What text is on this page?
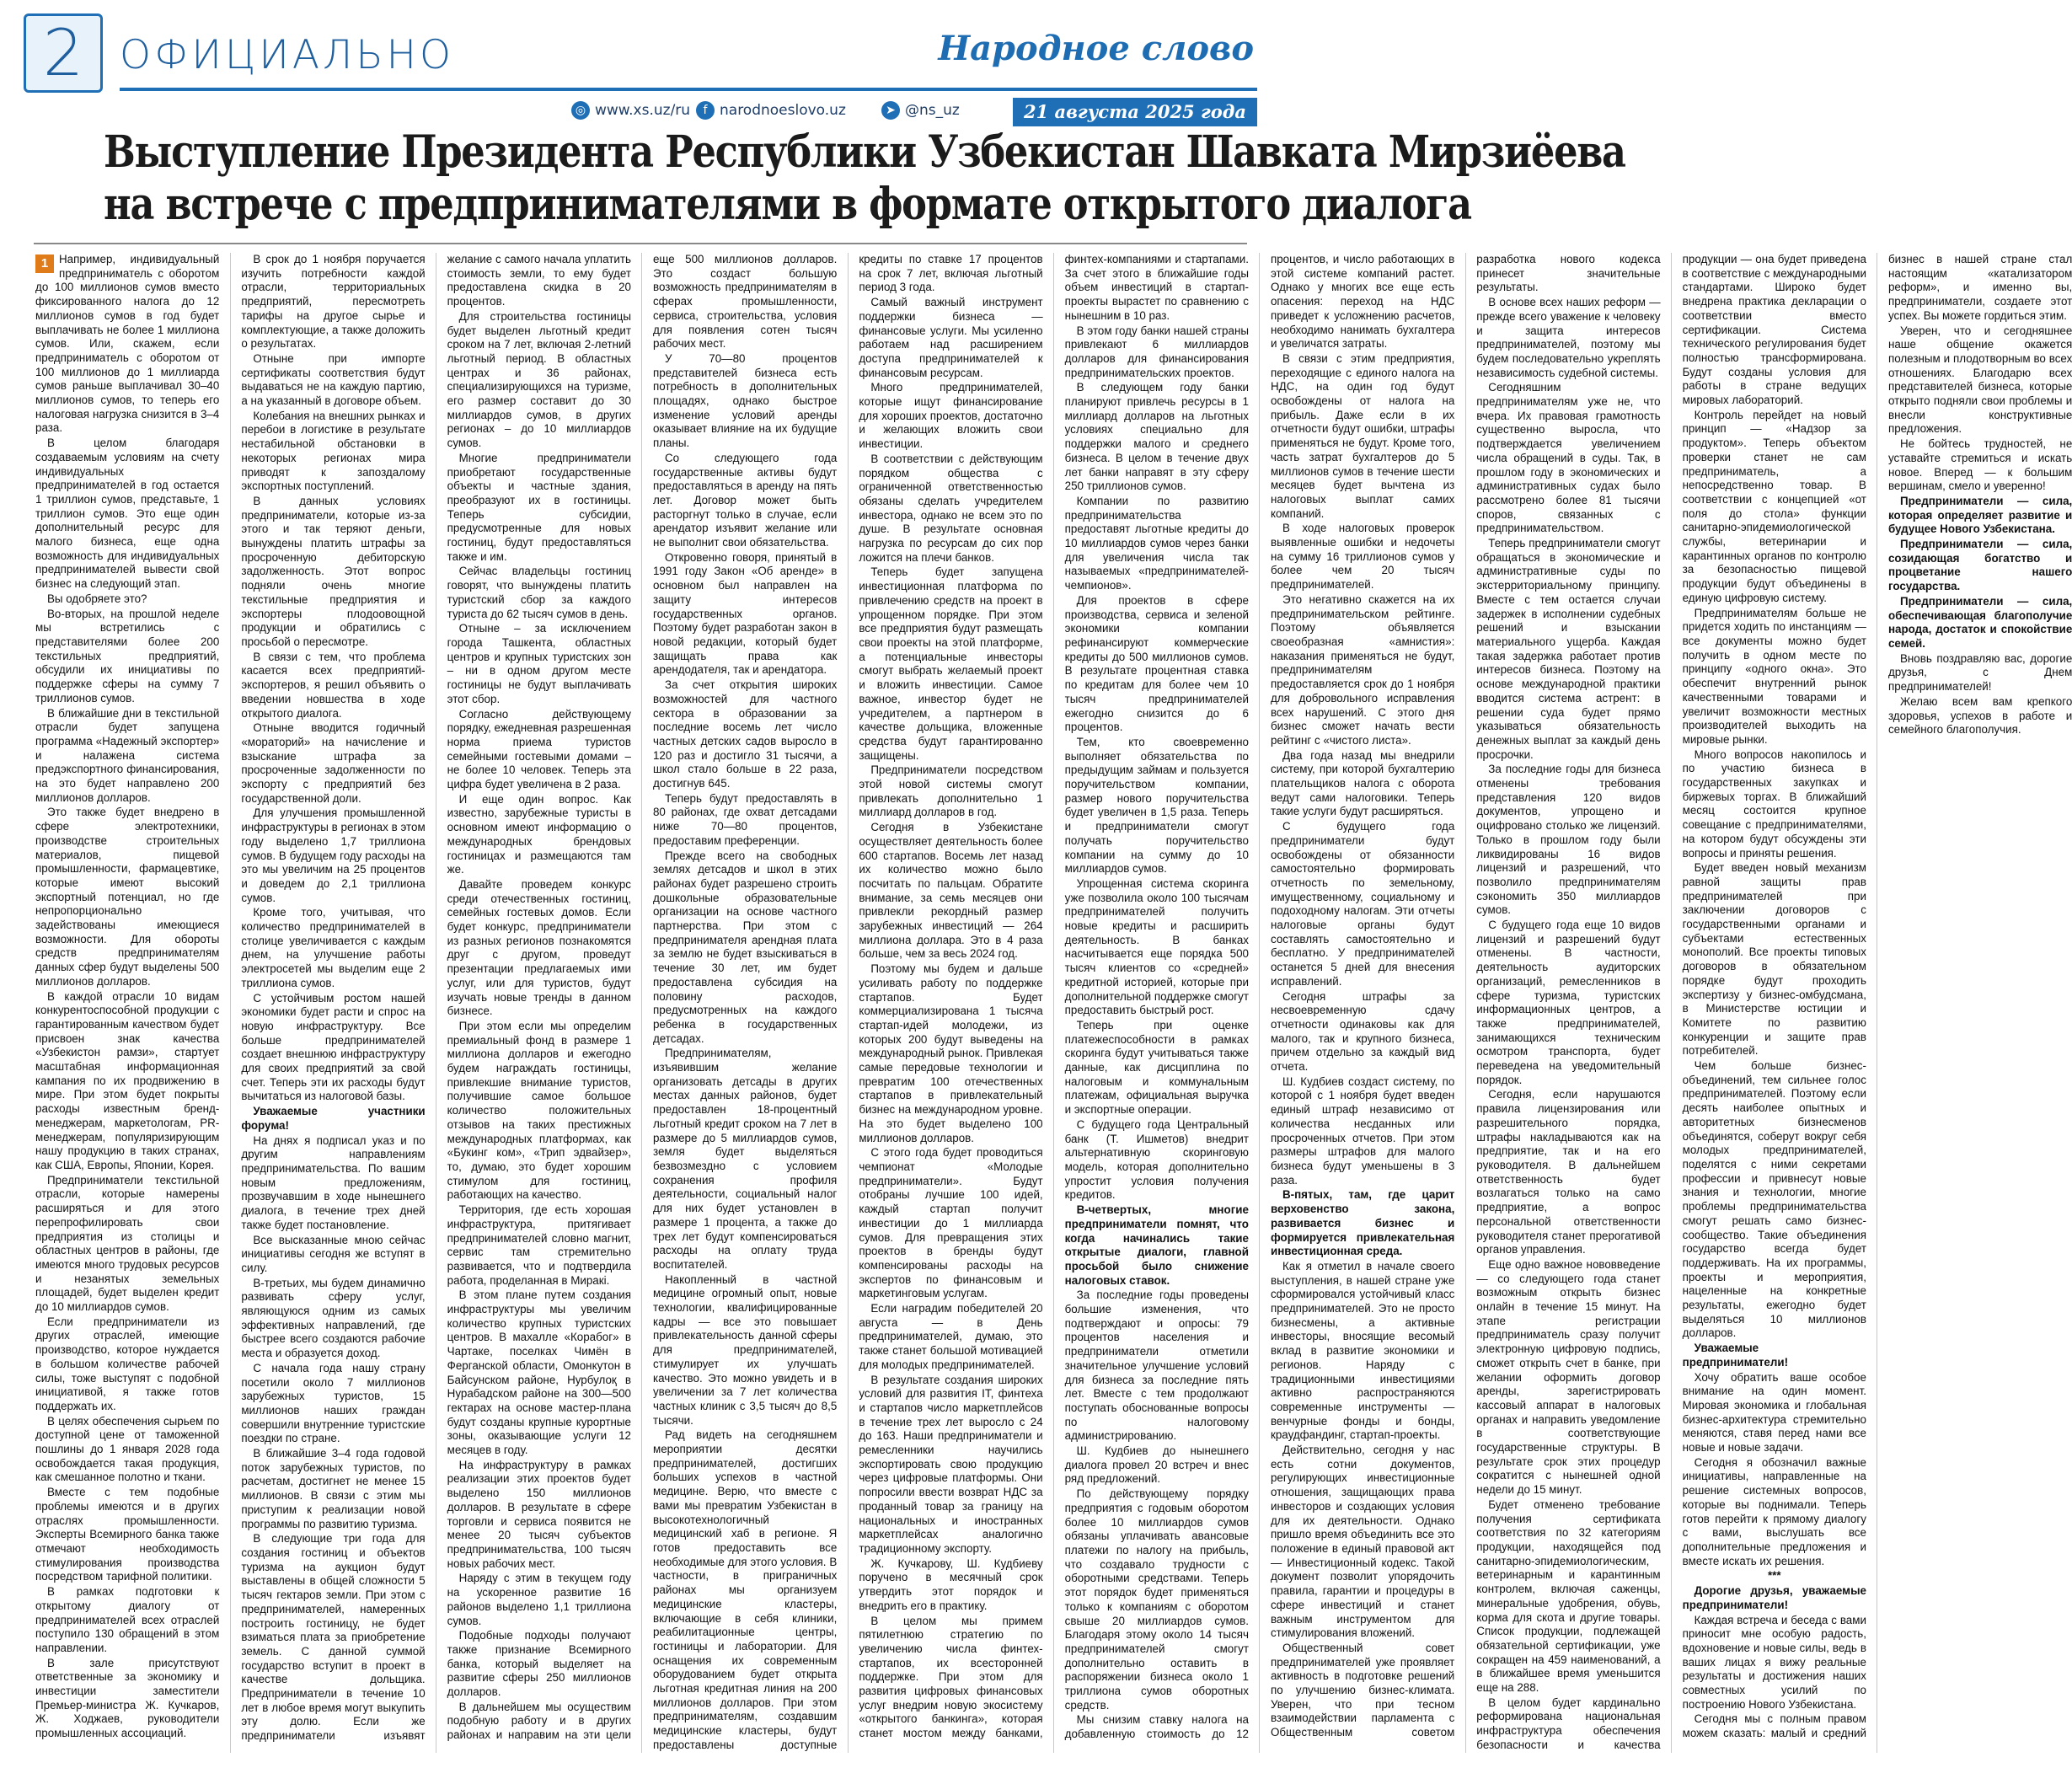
2 ОФИЦИАЛЬНО	Народное слово
◎ www.xs.uz/ru	f narodnoeslovo.uz	➤ @ns_uz	21 августа 2025 года
Выступление Президента Республики Узбекистан Шавката Мирзиёева
на встрече с предпринимателями в формате открытого диалога

1 Например, индивидуальный предприниматель с оборотом до 100 миллионов сумов вместо фиксированного налога до 12 миллионов сумов в год будет выплачивать не более 1 миллиона сумов. Или, скажем, если предприниматель с оборотом от 100 миллионов до 1 миллиарда сумов раньше выплачивал 30–40 миллионов сумов, то теперь его налоговая нагрузка снизится в 3–4 раза.

В целом благодаря создаваемым условиям на счету индивидуальных предпринимателей в год остается 1 триллион сумов, представьте, 1 триллион сумов. Это еще один дополнительный ресурс для малого бизнеса, еще одна возможность для индивидуальных предпринимателей вывести свой бизнес на следующий этап.

Вы одобряете это?

Во-вторых, на прошлой неделе мы встретились с представителями более 200 текстильных предприятий, обсудили их инициативы по поддержке сферы на сумму 7 триллионов сумов.

В ближайшие дни в текстильной отрасли будет запущена программа «Надежный экспортер» и налажена система предэкспортного финансирования, на это будет направлено 200 миллионов долларов.

Это также будет внедрено в сфере электротехники, производстве строительных материалов, пищевой промышленности, фармацевтике, которые имеют высокий экспортный потенциал, но где непропорционально задействованы имеющиеся возможности. Для обороты средств предпринимателям данных сфер будут выделены 500 миллионов долларов.

В каждой отрасли 10 видам конкурентоспособной продукции с гарантированным качеством будет присвоен знак качества «Узбекистон рамзи», стартует масштабная информационная кампания по их продвижению в мире. При этом будет покрыты расходы известным бренд-менеджерам, маркетологам, PR-менеджерам, популяризирующим нашу продукцию в таких странах, как США, Европы, Японии, Корея.

Предприниматели текстильной отрасли, которые намерены расширяться и для этого перепрофилировать свои предприятия из столицы и областных центров в районы, где имеются много трудовых ресурсов и незанятых земельных площадей, будет выделен кредит до 10 миллиардов сумов.

Если предприниматели из других отраслей, имеющие производство, которое нуждается в большом количестве рабочей силы, тоже выступят с подобной инициативой, я также готов поддержать их.

В целях обеспечения сырьем по доступной цене от таможенной пошлины до 1 января 2028 года освобождается такая продукция, как смешанное полотно и ткани.

Вместе с тем подобные проблемы имеются и в других отраслях промышленности. Эксперты Всемирного банка также отмечают необходимость стимулирования производства посредством тарифной политики.

В рамках подготовки к открытому диалогу от предпринимателей всех отраслей поступило 130 обращений в этом направлении.

В зале присутствуют ответственные за экономику и инвестиции заместители Премьер-министра Ж. Кучкаров, Ж. Ходжаев, руководители промышленных ассоциаций.

В срок до 1 ноября поручается изучить потребности каждой отрасли, территориальных предприятий, пересмотреть тарифы на другое сырье и комплектующие, а также доложить о результатах.

Отныне при импорте сертификаты соответствия будут выдаваться не на каждую партию, а на указанный в договоре объем.

Колебания на внешних рынках и перебои в логистике в результате нестабильной обстановки в некоторых регионах мира приводят к запоздалому экспортных поступлений.

В данных условиях предприниматели, которые из-за этого и так теряют деньги, вынуждены платить штрафы за просроченную дебиторскую задолженность. Этот вопрос подняли очень многие текстильные предприятия и экспортеры плодоовощной продукции и обратились с просьбой о пересмотре.

В связи с тем, что проблема касается всех предприятий-экспортеров, я решил объявить о введении новшества в ходе открытого диалога.

Отныне вводится годичный «мораторий» на начисление и взыскание штрафа за просроченные задолженности по экспорту с предприятий без государственной доли.

Для улучшения промышленной инфраструктуры в регионах в этом году выделено 1,7 триллиона сумов. В будущем году расходы на это мы увеличим на 25 процентов и доведем до 2,1 триллиона сумов.

Кроме того, учитывая, что количество предпринимателей в столице увеличивается с каждым днем, на улучшение работы электросетей мы выделим еще 2 триллиона сумов.

С устойчивым ростом нашей экономики будет расти и спрос на новую инфраструктуру. Все больше предпринимателей создает внешнюю инфраструктуру для своих предприятий за свой счет. Теперь эти их расходы будут вычитаться из налоговой базы.

Уважаемые участники форума!

На днях я подписал указ и по другим направлениям предпринимательства. По вашим новым предложениям, прозвучавшим в ходе нынешнего диалога, в течение трех дней также будет постановление.

Все высказанные мною сейчас инициативы сегодня же вступят в силу.

В-третьих, мы будем динамично развивать сферу услуг, являющуюся одним из самых эффективных направлений, где быстрее всего создаются рабочие места и образуется доход.

С начала года нашу страну посетили около 7 миллионов зарубежных туристов, 15 миллионов наших граждан совершили внутренние туристские поездки по стране.

В ближайшие 3–4 года годовой поток зарубежных туристов, по расчетам, достигнет не менее 15 миллионов. В связи с этим мы приступим к реализации новой программы по развитию туризма.

В следующие три года для создания гостиниц и объектов туризма на аукцион будут выставлены в общей сложности 5 тысяч гектаров земли. При этом с предпринимателей, намеренных построить гостиницу, не будет взиматься плата за приобретение земель. С данной суммой государство вступит в проект в качестве дольщика. Предприниматели в течение 10 лет в любое время могут выкупить эту долю. Если же предприниматели изъявят желание с самого начала уплатить стоимость земли, то ему будет предоставлена скидка в 20 процентов.

Для строительства гостиницы будет выделен льготный кредит сроком на 7 лет, включая 2-летний льготный период. В областных центрах и 36 районах, специализирующихся на туризме, его размер составит до 30 миллиардов сумов, в других регионах – до 10 миллиардов сумов.

Многие предприниматели приобретают государственные объекты и частные здания, преобразуют их в гостиницы. Теперь субсидии, предусмотренные для новых гостиниц, будут предоставляться также и им.

Сейчас владельцы гостиниц говорят, что вынуждены платить туристский сбор за каждого туриста до 62 тысяч сумов в день.

Отныне – за исключением города Ташкента, областных центров и крупных туристских зон – ни в одном другом месте гостиницы не будут выплачивать этот сбор.

Согласно действующему порядку, ежедневная разрешенная норма приема туристов семейными гостевыми домами – не более 10 человек. Теперь эта цифра будет увеличена в 2 раза.

И еще один вопрос. Как известно, зарубежные туристы в основном имеют информацию о международных брендовых гостиницах и размещаются там же.

Давайте проведем конкурс среди отечественных гостиниц, семейных гостевых домов. Если будет конкурс, предприниматели из разных регионов познакомятся друг с другом, проведут презентации предлагаемых ими услуг, или для туристов, будут изучать новые тренды в данном бизнесе.

При этом если мы определим премиальный фонд в размере 1 миллиона долларов и ежегодно будем награждать гостиницы, привлекшие внимание туристов, получившие самое большое количество положительных отзывов на таких престижных международных платформах, как «Букинг ком», «Трип эдвайзер», то, думаю, это будет хорошим стимулом для гостиниц, работающих на качество.

Территория, где есть хорошая инфраструктура, притягивает предпринимателей словно магнит, сервис там стремительно развивается, что и подтвердила работа, проделанная в Миракі.

В этом плане путем создания инфраструктуры мы увеличим количество крупных туристских центров. В махалле «Корабог» в Чартаке, поселках Чимён в Ферганской области, Омонкутон в Байсунском районе, Нурбулоқ в Нурабадском районе на 300—500 гектарах на основе мастер-плана будут созданы крупные курортные зоны, оказывающие услуги 12 месяцев в году.

На инфраструктуру в рамках реализации этих проектов будет выделено 150 миллионов долларов. В результате в сфере торговли и сервиса появится не менее 20 тысяч субъектов предпринимательства, 100 тысяч новых рабочих мест.

Наряду с этим в текущем году на ускоренное развитие 16 районов выделено 1,1 триллиона сумов.

Подобные подходы получают также признание Всемирного банка, который выделяет на развитие сферы 250 миллионов долларов.

В дальнейшем мы осуществим подобную работу и в других районах и направим на эти цели еще 500 миллионов долларов. Это создаст большую возможность предпринимателям в сферах промышленности, сервиса, строительства, условия для появления сотен тысяч рабочих мест.

У 70—80 процентов представителей бизнеса есть потребность в дополнительных площадях, однако быстрое изменение условий аренды оказывает влияние на их будущие планы.

Со следующего года государственные активы будут предоставляться в аренду на пять лет. Договор может быть расторгнут только в случае, если арендатор изъявит желание или не выполнит свои обязательства.

Откровенно говоря, принятый в 1991 году Закон «Об аренде» в основном был направлен на защиту интересов государственных органов. Поэтому будет разработан закон в новой редакции, который будет защищать права как арендодателя, так и арендатора.

За счет открытия широких возможностей для частного сектора в образовании за последние восемь лет число частных детских садов выросло в 120 раз и достигло 31 тысячи, а школ стало больше в 22 раза, достигнув 645.

Теперь будут предоставлять в 80 районах, где охват детсадами ниже 70—80 процентов, предоставим преференции.

Прежде всего на свободных землях детсадов и школ в этих районах будет разрешено строить дошкольные образовательные организации на основе частного партнерства. При этом с предпринимателя арендная плата за землю не будет взыскиваться в течение 30 лет, им будет предоставлена субсидия на половину расходов, предусмотренных на каждого ребенка в государственных детсадах.

Предпринимателям, изъявившим желание организовать детсады в других местах данных районов, будет предоставлен 18-процентный льготный кредит сроком на 7 лет в размере до 5 миллиардов сумов, земля будет выделяться безвозмездно с условием сохранения профиля деятельности, социальный налог для них будет установлен в размере 1 процента, а также до трех лет будут компенсироваться расходы на оплату труда воспитателей.

Накопленный в частной медицине огромный опыт, новые технологии, квалифицированные кадры — все это повышает привлекательность данной сферы для предпринимателей, стимулирует их улучшать качество. Это можно увидеть и в увеличении за 7 лет количества частных клиник с 3,5 тысяч до 8,5 тысячи.

Рад видеть на сегодняшнем мероприятии десятки предпринимателей, достигших больших успехов в частной медицине. Верю, что вместе с вами мы превратим Узбекистан в высокотехнологичный медицинский хаб в регионе. Я готов предоставить все необходимые для этого условия. В частности, в приграничных районах мы организуем медицинские кластеры, включающие в себя клиники, реабилитационные центры, гостиницы и лаборатории. Для оснащения их современным оборудованием будет открыта льготная кредитная линия на 200 миллионов долларов. При этом предпринимателям, создавшим медицинские кластеры, будут предоставлены доступные кредиты по ставке 17 процентов на срок 7 лет, включая льготный период 3 года.

Самый важный инструмент поддержки бизнеса — финансовые услуги. Мы усиленно работаем над расширением доступа предпринимателей к финансовым ресурсам.

Много предпринимателей, которые ищут финансирование для хороших проектов, достаточно и желающих вложить свои инвестиции.

В соответствии с действующим порядком общества с ограниченной ответственностью обязаны сделать учредителем инвестора, однако не всем это по душе. В результате основная нагрузка по ресурсам до сих пор ложится на плечи банков.

Теперь будет запущена инвестиционная платформа по привлечению средств на проект в упрощенном порядке. При этом все предприятия будут размещать свои проекты на этой платформе, а потенциальные инвесторы смогут выбрать желаемый проект и вложить инвестиции. Самое важное, инвестор будет не учредителем, а партнером в качестве дольщика, вложенные средства будут гарантированно защищены.

Предприниматели посредством этой новой системы смогут привлекать дополнительно 1 миллиард долларов в год.

Сегодня в Узбекистане осуществляет деятельность более 600 стартапов. Восемь лет назад их количество можно было посчитать по пальцам. Обратите внимание, за семь месяцев они привлекли рекордный размер зарубежных инвестиций — 264 миллиона доллара. Это в 4 раза больше, чем за весь 2024 год.

Поэтому мы будем и дальше усиливать работу по поддержке стартапов. Будет коммерциализирована 1 тысяча стартап-идей молодежи, из которых 200 будут выведены на международный рынок. Привлекая самые передовые технологии и превратим 100 отечественных стартапов в привлекательный бизнес на международном уровне. На это будет выделено 100 миллионов долларов.

С этого года будет проводиться чемпионат «Молодые предприниматели». Будут отобраны лучшие 100 идей, каждый стартап получит инвестиции до 1 миллиарда сумов. Для превращения этих проектов в бренды будут компенсированы расходы на экспертов по финансовым и маркетинговым услугам.

Если наградим победителей 20 августа — в День предпринимателей, думаю, это также станет большой мотивацией для молодых предпринимателей.

В результате создания широких условий для развития IT, финтеха и стартапов число маркетплейсов в течение трех лет выросло с 24 до 163. Наши предприниматели и ремесленники научились экспортировать свою продукцию через цифровые платформы. Они попросили ввести возврат НДС за проданный товар за границу на национальных и иностранных маркетплейсах аналогично традиционному экспорту.

Ж. Кучкарову, Ш. Кудбиеву поручено в месячный срок утвердить этот порядок и внедрить его в практику.

В целом мы примем пятилетнюю стратегию по увеличению числа финтех-стартапов, их всесторонней поддержке. При этом для развития цифровых финансовых услуг внедрим новую экосистему «открытого банкинга», которая станет мостом между банками, финтех-компаниями и стартапами. За счет этого в ближайшие годы объем инвестиций в стартап-проекты вырастет по сравнению с нынешним в 10 раз.

В этом году банки нашей страны привлекают 6 миллиардов долларов для финансирования предпринимательских проектов.

В следующем году банки планируют привлечь ресурсы в 1 миллиард долларов на льготных условиях специально для поддержки малого и среднего бизнеса. В целом в течение двух лет банки направят в эту сферу 250 триллионов сумов.

Компании по развитию предпринимательства предоставят льготные кредиты до 10 миллиардов сумов через банки для увеличения числа так называемых «предпринимателей-чемпионов».

Для проектов в сфере производства, сервиса и зеленой экономики компании рефинансируют коммерческие кредиты до 500 миллионов сумов. В результате процентная ставка по кредитам для более чем 10 тысяч предпринимателей ежегодно снизится до 6 процентов.

Тем, кто своевременно выполняет обязательства по предыдущим займам и пользуется поручительством компании, размер нового поручительства будет увеличен в 1,5 раза. Теперь и предприниматели смогут получать поручительство компании на сумму до 10 миллиардов сумов.

Упрощенная система скоринга уже позволила около 100 тысячам предпринимателей получить новые кредиты и расширить деятельность. В банках насчитывается еще порядка 500 тысяч клиентов со «средней» кредитной историей, которые при дополнительной поддержке смогут предоставить быстрый рост.

Теперь при оценке платежеспособности в рамках скоринга будут учитываться также данные, как дисциплина по налоговым и коммунальным платежам, официальная выручка и экспортные операции.

С будущего года Центральный банк (Т. Ишметов) внедрит альтернативную скоринговую модель, которая дополнительно упростит условия получения кредитов.

В-четвертых, многие предприниматели помнят, что когда начинались такие открытые диалоги, главной просьбой было снижение налоговых ставок.

За последние годы проведены большие изменения, что подтверждают и опросы: 79 процентов населения и предприниматели отметили значительное улучшение условий для бизнеса за последние пять лет. Вместе с тем продолжают поступать обоснованные вопросы по налоговому администрированию.

Ш. Кудбиев до нынешнего диалога провел 20 встреч и внес ряд предложений.

По действующему порядку предприятия с годовым оборотом более 10 миллиардов сумов обязаны уплачивать авансовые платежи по налогу на прибыль, что создавало трудности с оборотными средствами. Теперь этот порядок будет применяться только к компаниям с оборотом свыше 20 миллиардов сумов. Благодаря этому около 14 тысяч предпринимателей смогут дополнительно оставить в распоряжении бизнеса около 1 триллиона сумов оборотных средств.

Мы снизим ставку налога на добавленную стоимость до 12 процентов, и число работающих в этой системе компаний растет. Однако у многих все еще есть опасения: переход на НДС приведет к усложнению расчетов, необходимо нанимать бухгалтера и увеличатся затраты.

В связи с этим предприятия, переходящие с единого налога на НДС, на один год будут освобождены от налога на прибыль. Даже если в их отчетности будут ошибки, штрафы применяться не будут. Кроме того, часть затрат бухгалтеров до 5 миллионов сумов в течение шести месяцев будет вычтена из налоговых выплат самих компаний.

В ходе налоговых проверок выявленные ошибки и недочеты на сумму 16 триллионов сумов у более чем 20 тысяч предпринимателей.

Это негативно скажется на их предпринимательском рейтинге. Поэтому объявляется своеобразная «амнистия»: наказания применяться не будут, предпринимателям предоставляется срок до 1 ноября для добровольного исправления всех нарушений. С этого дня бизнес сможет начать вести рейтинг с «чистого листа».

Два года назад мы внедрили систему, при которой бухгалтерию плательщиков налога с оборота ведут сами налоговики. Теперь такие услуги будут расширяться.

С будущего года предприниматели будут освобождены от обязанности самостоятельно формировать отчетность по земельному, имущественному, социальному и подоходному налогам. Эти отчеты налоговые органы будут составлять самостоятельно и бесплатно. У предпринимателей останется 5 дней для внесения исправлений.

Сегодня штрафы за несвоевременную сдачу отчетности одинаковы как для малого, так и крупного бизнеса, причем отдельно за каждый вид отчета.

Ш. Кудбиев создаст систему, по которой с 1 ноября будет введен единый штраф независимо от количества несданных или просроченных отчетов. При этом размеры штрафов для малого бизнеса будут уменьшены в 3 раза.

В-пятых, там, где царит верховенство закона, развивается бизнес и формируется привлекательная инвестиционная среда.

Как я отметил в начале своего выступления, в нашей стране уже сформировался устойчивый класс предпринимателей. Это не просто бизнесмены, а активные инвесторы, вносящие весомый вклад в развитие экономики и регионов. Наряду с традиционными инвестициями активно распространяются современные инструменты — венчурные фонды и бонды, краудфандинг, стартап-проекты.

Действительно, сегодня у нас есть сотни документов, регулирующих инвестиционные отношения, защищающих права инвесторов и создающих условия для их деятельности. Однако пришло время объединить все это положение в единый правовой акт — Инвестиционный кодекс. Такой документ позволит упорядочить правила, гарантии и процедуры в сфере инвестиций и станет важным инструментом для стимулирования вложений.

Общественный совет предпринимателей уже проявляет активность в подготовке решений по улучшению бизнес-климата. Уверен, что при тесном взаимодействии парламента с Общественным советом разработка нового кодекса принесет значительные результаты.

В основе всех наших реформ — прежде всего уважение к человеку и защита интересов предпринимателей, поэтому мы будем последовательно укреплять независимость судебной системы.

Сегодняшним предпринимателям уже не, что вчера. Их правовая грамотность существенно выросла, что подтверждается увеличением числа обращений в суды. Так, в прошлом году в экономических и административных судах было рассмотрено более 81 тысячи споров, связанных с предпринимательством.

Теперь предприниматели смогут обращаться в экономические и административные суды по экстерриториальному принципу. Вместе с тем остается случаи задержек в исполнении судебных решений и взыскании материального ущерба. Каждая такая задержка работает против интересов бизнеса. Поэтому на основе международной практики вводится система астрент: в решении суда будет прямо указываться обязательность денежных выплат за каждый день просрочки.

За последние годы для бизнеса отменены требования представления 120 видов документов, упрощено и оцифровано столько же лицензий. Только в прошлом году были ликвидированы 16 видов лицензий и разрешений, что позволило предпринимателям сэкономить 350 миллиардов сумов.

С будущего года еще 10 видов лицензий и разрешений будут отменены. В частности, деятельность аудиторских организаций, ремесленников в сфере туризма, туристских информационных центров, а также предпринимателей, занимающихся техническим осмотром транспорта, будет переведена на уведомительный порядок.

Сегодня, если нарушаются правила лицензирования или разрешительного порядка, штрафы накладываются как на предприятие, так и на его руководителя. В дальнейшем ответственность будет возлагаться только на само предприятие, а вопрос персональной ответственности руководителя станет прерогативой органов управления.

Еще одно важное нововведение — со следующего года станет возможным открыть бизнес онлайн в течение 15 минут. На этапе регистрации предприниматель сразу получит электронную цифровую подпись, сможет открыть счет в банке, при желании оформить договор аренды, зарегистрировать кассовый аппарат в налоговых органах и направить уведомление в соответствующие государственные структуры. В результате срок этих процедур сократится с нынешней одной недели до 15 минут.

Будет отменено требование получения сертификата соответствия по 32 категориям продукции, находящейся под санитарно-эпидемиологическим, ветеринарным и карантинным контролем, включая саженцы, минеральные удобрения, обувь, корма для скота и другие товары. Список продукции, подлежащей обязательной сертификации, уже сокращен на 459 наименований, а в ближайшее время уменьшится еще на 288.

В целом будет кардинально реформирована национальная инфраструктура обеспечения безопасности и качества продукции — она будет приведена в соответствие с международными стандартами. Широко будет внедрена практика декларации о соответствии вместо сертификации. Система технического регулирования будет полностью трансформирована. Будут созданы условия для работы в стране ведущих мировых лабораторий.

Контроль перейдет на новый принцип — «Надзор за продуктом». Теперь объектом проверки станет не сам предприниматель, а непосредственно товар. В соответствии с концепцией «от поля до стола» функции санитарно-эпидемиологической службы, ветеринарии и карантинных органов по контролю за безопасностью пищевой продукции будут объединены в единую цифровую систему.

Предпринимателям больше не придется ходить по инстанциям — все документы можно будет получить в одном месте по принципу «одного окна». Это обеспечит внутренний рынок качественными товарами и увеличит возможности местных производителей выходить на мировые рынки.

Много вопросов накопилось и по участию бизнеса в государственных закупках и биржевых торгах. В ближайший месяц состоится крупное совещание с предпринимателями, на котором будут обсуждены эти вопросы и приняты решения.

Будет введен новый механизм равной защиты прав предпринимателей при заключении договоров с государственными органами и субъектами естественных монополий. Все проекты типовых договоров в обязательном порядке будут проходить экспертизу у бизнес-омбудсмана, в Министерстве юстиции и Комитете по развитию конкуренции и защите прав потребителей.

Чем больше бизнес-объединений, тем сильнее голос предпринимателей. Поэтому если десять наиболее опытных и авторитетных бизнесменов объединятся, соберут вокруг себя молодых предпринимателей, поделятся с ними секретами профессии и привнесут новые знания и технологии, многие проблемы предпринимательства смогут решать само бизнес-сообщество. Такие объединения государство всегда будет поддерживать. На их программы, проекты и мероприятия, нацеленные на конкретные результаты, ежегодно будет выделяться 10 миллионов долларов.

Уважаемые предприниматели!

Хочу обратить ваше особое внимание на один момент. Мировая экономика и глобальная бизнес-архитектура стремительно меняются, ставя перед нами все новые и новые задачи.

Сегодня я обозначил важные инициативы, направленные на решение системных вопросов, которые вы поднимали. Теперь готов перейти к прямому диалогу с вами, выслушать все дополнительные предложения и вместе искать их решения.

***

Дорогие друзья, уважаемые предприниматели!

Каждая встреча и беседа с вами приносит мне особую радость, вдохновение и новые силы, ведь в ваших лицах я вижу реальные результаты и достижения наших совместных усилий по построению Нового Узбекистана.

Сегодня мы с полным правом можем сказать: малый и средний бизнес в нашей стране стал настоящим «катализатором реформ», и именно вы, предприниматели, создаете этот успех. Вы можете гордиться этим.

Уверен, что и сегодняшнее наше общение окажется полезным и плодотворным во всех отношениях. Благодарю всех представителей бизнеса, которые открыто подняли свои проблемы и внесли конструктивные предложения.

Не бойтесь трудностей, не уставайте стремиться и искать новое. Вперед — к большим вершинам, смело и уверенно!

Предприниматели — сила, которая определяет развитие и будущее Нового Узбекистана.

Предприниматели — сила, созидающая богатство и процветание нашего государства.

Предприниматели — сила, обеспечивающая благополучие народа, достаток и спокойствие семей.

Вновь поздравляю вас, дорогие друзья, с Днем предпринимателей!

Желаю всем вам крепкого здоровья, успехов в работе и семейного благополучия.
